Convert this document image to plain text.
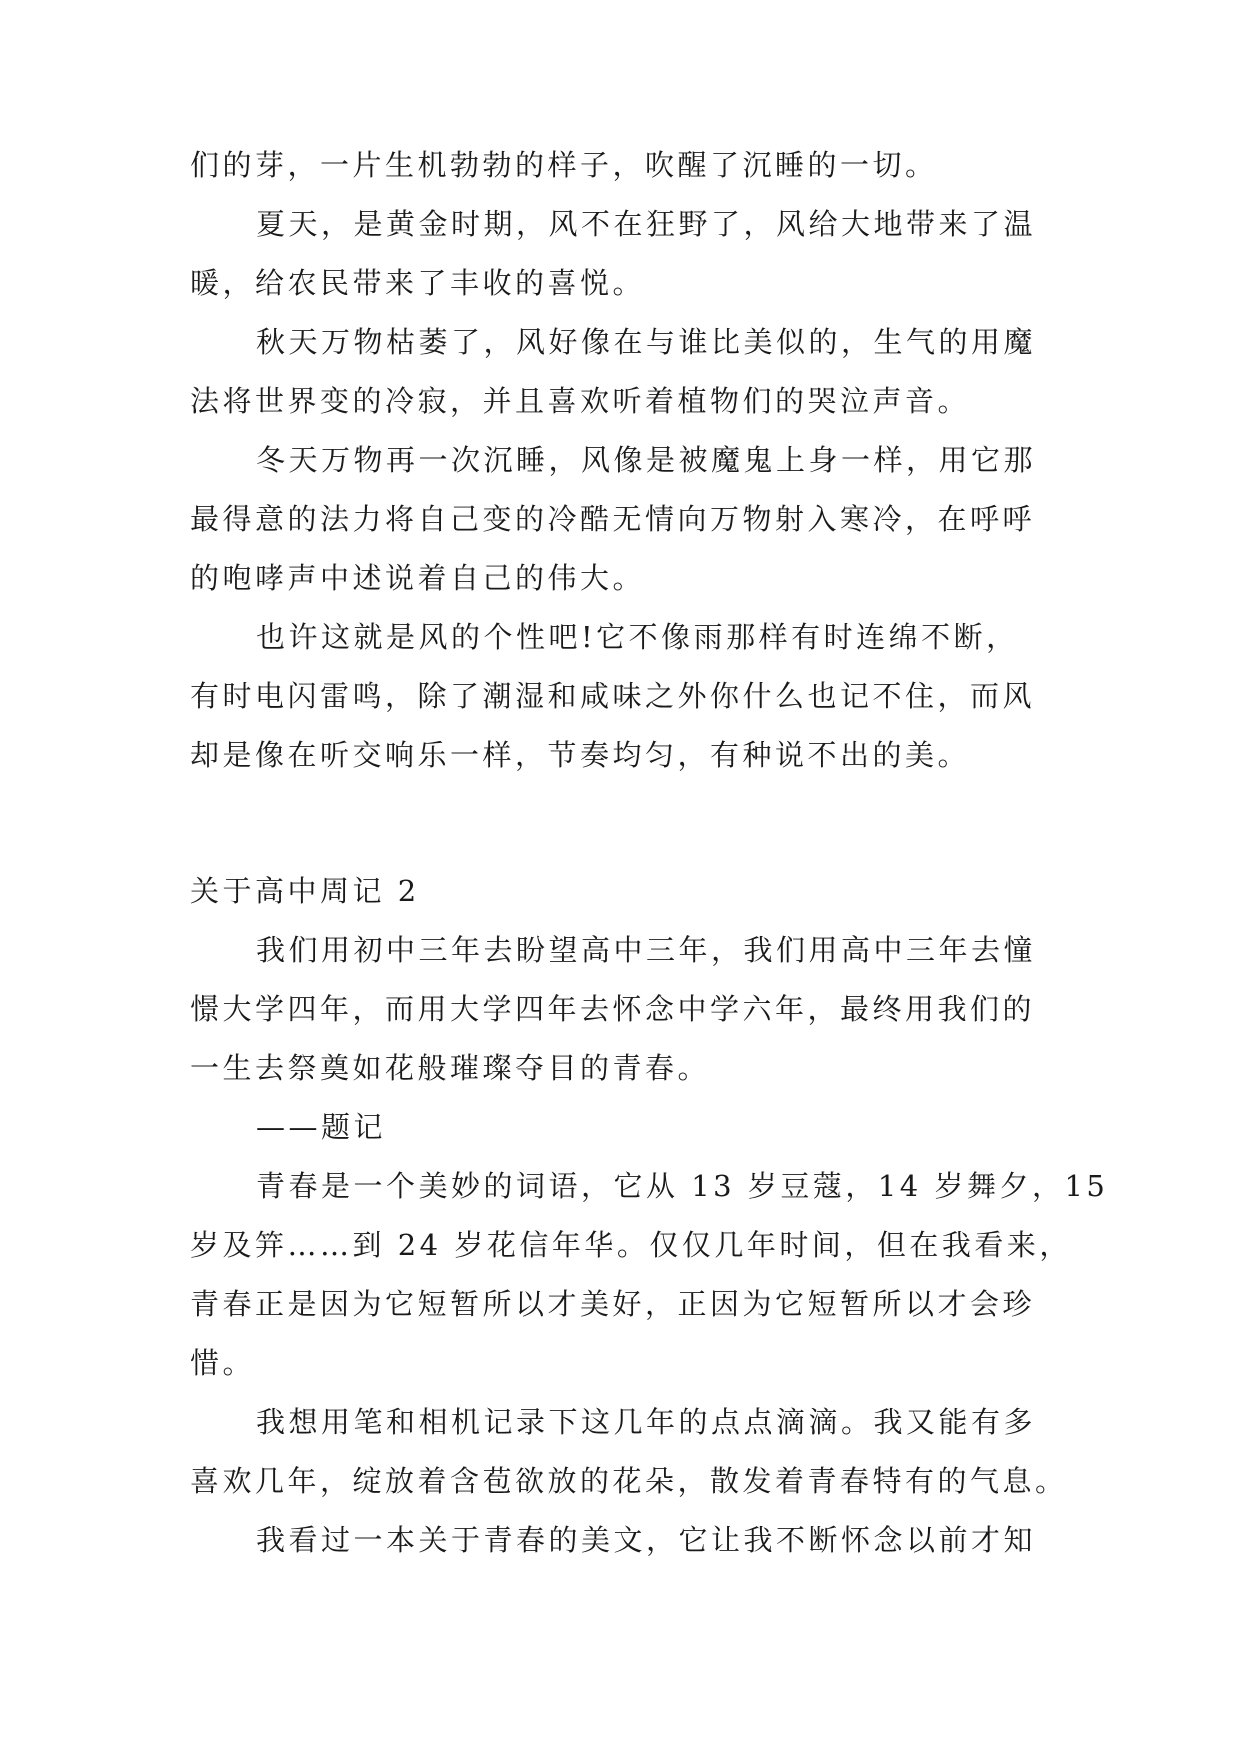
们的芽，一片生机勃勃的样子，吹醒了沉睡的一切。
夏天，是黄金时期，风不在狂野了，风给大地带来了温
暖，给农民带来了丰收的喜悦。
秋天万物枯萎了，风好像在与谁比美似的，生气的用魔
法将世界变的冷寂，并且喜欢听着植物们的哭泣声音。
冬天万物再一次沉睡，风像是被魔鬼上身一样，用它那
最得意的法力将自己变的冷酷无情向万物射入寒冷，在呼呼
的咆哮声中述说着自己的伟大。
也许这就是风的个性吧!它不像雨那样有时连绵不断，
有时电闪雷鸣，除了潮湿和咸味之外你什么也记不住，而风
却是像在听交响乐一样，节奏均匀，有种说不出的美。
关于高中周记 2
我们用初中三年去盼望高中三年，我们用高中三年去憧
憬大学四年，而用大学四年去怀念中学六年，最终用我们的
一生去祭奠如花般璀璨夺目的青春。
——题记
青春是一个美妙的词语，它从 13 岁豆蔻，14 岁舞夕，15
岁及笄……到 24 岁花信年华。仅仅几年时间，但在我看来，
青春正是因为它短暂所以才美好，正因为它短暂所以才会珍
惜。
我想用笔和相机记录下这几年的点点滴滴。我又能有多
喜欢几年，绽放着含苞欲放的花朵，散发着青春特有的气息。
我看过一本关于青春的美文，它让我不断怀念以前才知
